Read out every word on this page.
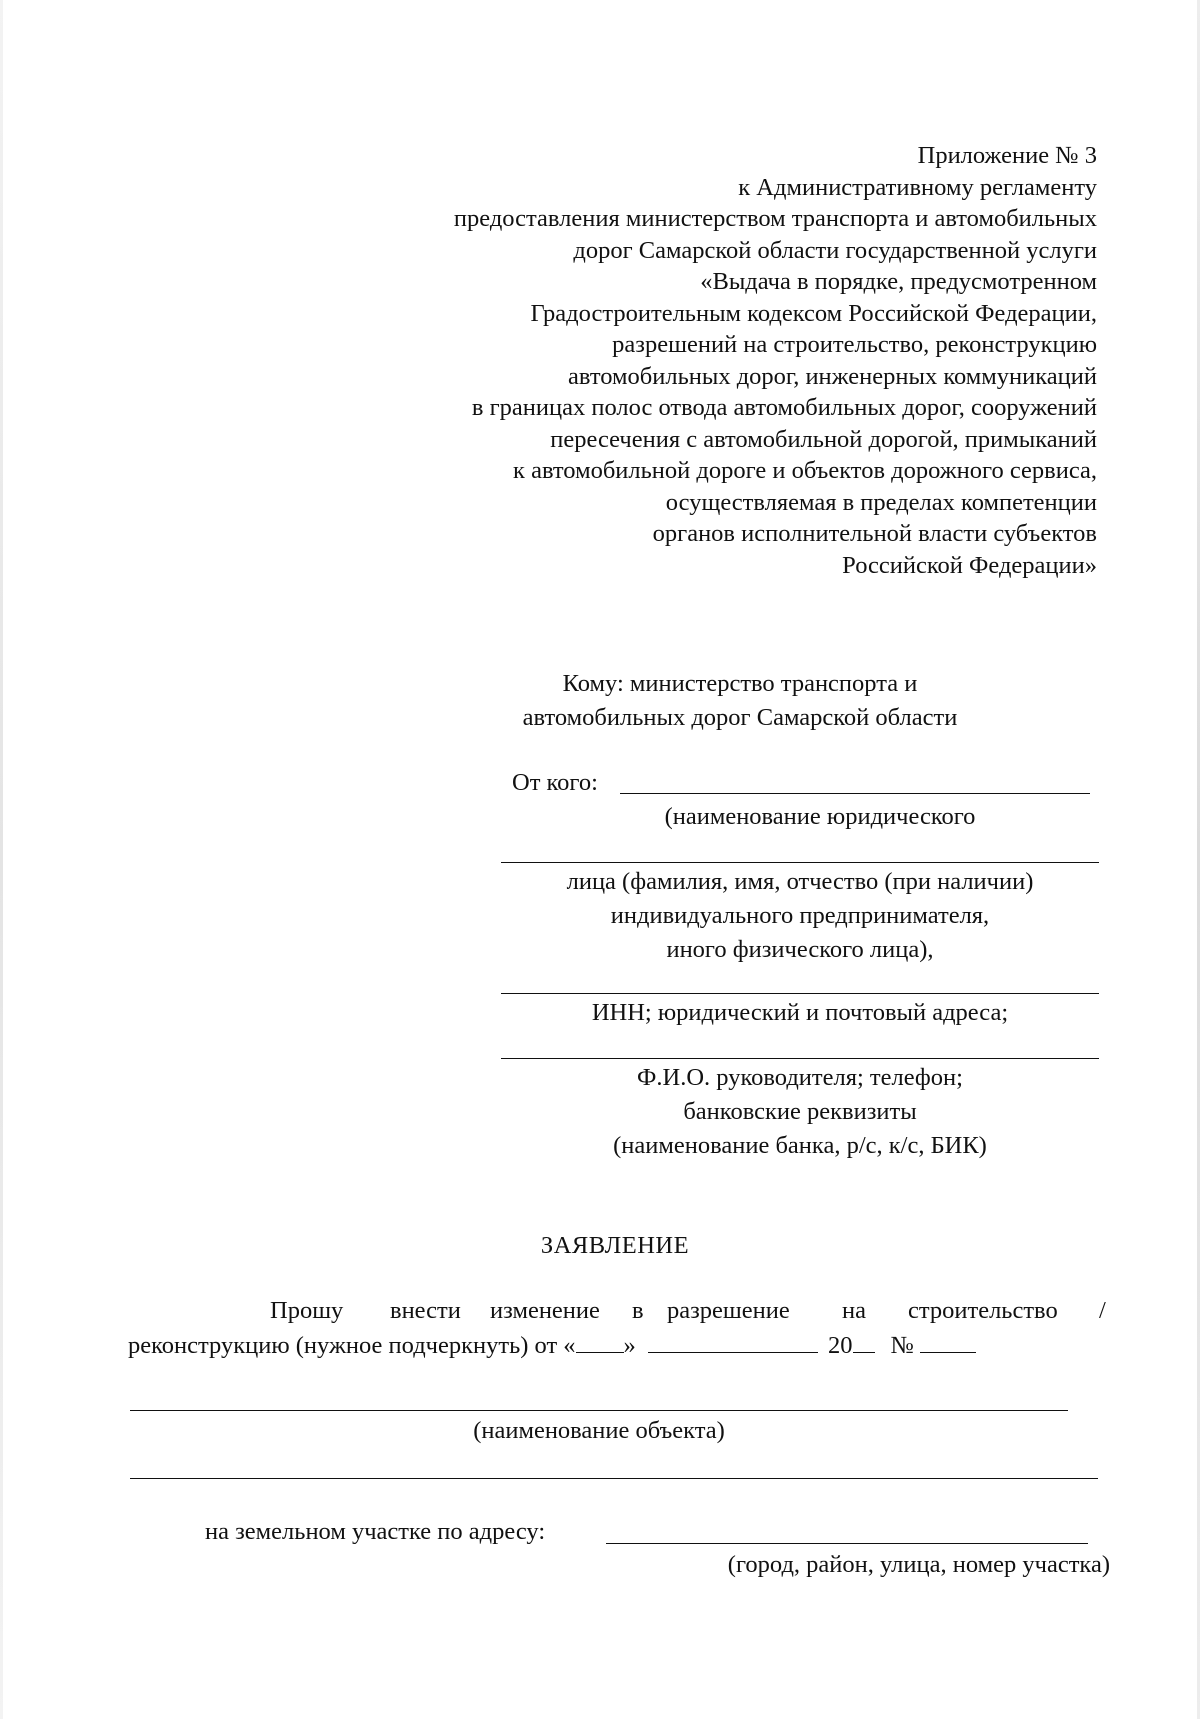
Приложение № 3
к Административному регламенту
предоставления министерством транспорта и автомобильных
дорог Самарской области государственной услуги
«Выдача в порядке, предусмотренном
Градостроительным кодексом Российской Федерации,
разрешений на строительство, реконструкцию
автомобильных дорог, инженерных коммуникаций
в границах полос отвода автомобильных дорог, сооружений
пересечения с автомобильной дорогой, примыканий
к автомобильной дороге и объектов дорожного сервиса,
осуществляемая в пределах компетенции
органов исполнительной власти субъектов
Российской Федерации»
Кому: министерство транспорта и
автомобильных дорог Самарской области
От кого:
(наименование юридического
лица (фамилия, имя, отчество (при наличии)
индивидуального предпринимателя,
иного физического лица),
ИНН; юридический и почтовый адреса;
Ф.И.О. руководителя; телефон;
банковские реквизиты
(наименование банка, р/с, к/с, БИК)
ЗАЯВЛЕНИЕ
Прошу внести изменение в разрешение на строительство /
реконструкцию (нужное подчеркнуть) от « »	20 №
(наименование объекта)
на земельном участке по адресу:
(город, район, улица, номер участка)
